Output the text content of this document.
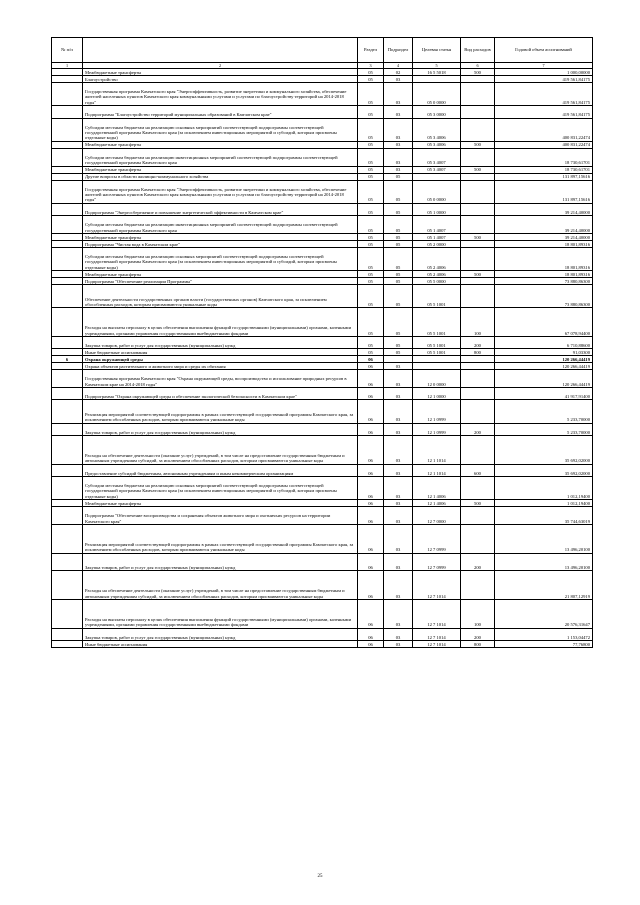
№ п/п		Раздел	Подраздел	Целевая статья	Вид расходов	Годовой объем ассигнований
1	2	3	4	5	6	7
	Межбюджетные трансферты	05	02	16 5 5018	500	1 000,00000
	Благоустройство	05	03			419 561,84175
	Государственная программа Камчатского края "Энергоэффективность, развитие энергетики и коммунального хозяйства, обеспечение жителей населенных пунктов Камчатского края коммунальными услугами и услугами по благоустройству территорий на 2014-2018 годы"	05	03	05 0 0000		419 561,84175
	Подпрограмма "Благоустройство территорий муниципальных образований в Камчатском крае"	05	03	05 3 0000		419 561,84175
	Субсидии местным бюджетам на реализацию основных мероприятий соответствующей подпрограммы соответствующей государственной программы Камчатского края (за исключением инвестиционных мероприятий и субсидий, которым присвоены отдельные коды)	05	03	05 3 4006		400 831,22474
	Межбюджетные трансферты	05	03	05 3 4006	500	400 831,22474
	Субсидии местным бюджетам на реализацию инвестиционных мероприятий соответствующей подпрограммы соответствующей государственной программы Камчатского края	05	03	05 3 4007		18 730,61701
	Межбюджетные трансферты	05	03	05 3 4007	500	18 730,61701
	Другие вопросы в области жилищно-коммунального хозяйства	05	05			131 897,15616
	Государственная программа Камчатского края "Энергоэффективность, развитие энергетики и коммунального хозяйства, обеспечение жителей населенных пунктов Камчатского края коммунальными услугами и услугами по благоустройству территорий на 2014-2018 годы"	05	05	05 0 0000		131 897,15616
	Подпрограмма "Энергосбережение и повышение энергетической эффективности в Камчатском крае"	05	05	05 1 0000		39 214,40000
	Субсидии местным бюджетам на реализацию инвестиционных мероприятий соответствующей подпрограммы соответствующей государственной программы Камчатского края	05	05	05 1 4007		39 214,40000
	Межбюджетные трансферты	05	05	05 1 4007	500	39 214,40000
	Подпрограмма "Чистая вода в Камчатском крае"	05	05	05 2 0000		18 801,89316
	Субсидии местным бюджетам на реализацию основных мероприятий соответствующей подпрограммы соответствующей государственной программы Камчатского края (за исключением инвестиционных мероприятий и субсидий, которым присвоены отдельные коды)	05	05	05 2 4006		18 801,89316
	Межбюджетные трансферты	05	05	05 2 4006	500	18 801,89316
	Подпрограмма "Обеспечение реализации Программы"	05	05	05 5 0000		73 880,86300
	Обеспечение деятельности государственных органов власти (государственных органов) Камчатского края, за исключением обособленных расходов, которым присваиваются уникальные коды	05	05	05 5 1001		73 880,86300
	Расходы на выплаты персоналу в целях обеспечения выполнения функций государственными (муниципальными) органами, казенными учреждениями, органами управления государственными внебюджетными фондами	05	05	05 5 1001	100	67 078,94400
	Закупка товаров, работ и услуг для государственных (муниципальных) нужд	05	05	05 5 1001	200	6 710,88600
	Иные бюджетные ассигнования	05	05	05 5 1001	800	91,03300
6	Охрана окружающей среды	06				120 266,44419
	Охрана объектов растительного и животного мира и среды их обитания	06	03			120 266,44419
	Государственная программа Камчатского края "Охрана окружающей среды, воспроизводство и использование природных ресурсов в Камчатском крае на 2014-2018 годы"	06	03	12 0 0000		120 266,44419
	Подпрограмма "Охрана окружающей среды и обеспечение экологической безопасности в Камчатском крае"	06	03	12 1 0000		41 917,91400
	Реализация мероприятий соответствующей подпрограммы в рамках соответствующей государственной программы Камчатского края, за исключением обособленных расходов, которым присваиваются уникальные коды	06	03	12 1 0999		5 233,70000
	Закупка товаров, работ и услуг для государственных (муниципальных) нужд	06	03	12 1 0999	200	5 233,70000
	Расходы на обеспечение деятельности (оказание услуг) учреждений, в том числе на предоставление государственным бюджетным и автономным учреждениям субсидий, за исключением обособленных расходов, которым присваиваются уникальные коды	06	03	12 1 1014		35 692,02000
	Предоставление субсидий бюджетным, автономным учреждениям и иным некоммерческим организациям	06	03	12 1 1014	600	35 692,02000
	Субсидии местным бюджетам на реализацию основных мероприятий соответствующей подпрограммы соответствующей государственной программы Камчатского края (за исключением инвестиционных мероприятий и субсидий, которым присвоены отдельные коды)	06	03	12 1 4006		1 012,19400
	Межбюджетные трансферты	06	03	12 1 4006	500	1 012,19400
	Подпрограмма "Обеспечение воспроизводства и сохранения объектов животного мира и охотничьих ресурсов на территории Камчатского края"	06	03	12 7 0000		35 744,63019
	Реализация мероприятий соответствующей подпрограммы в рамках соответствующей государственной программы Камчатского края, за исключением обособленных расходов, которым присваиваются уникальные коды	06	03	12 7 0999		13 496,20100
	Закупка товаров, работ и услуг для государственных (муниципальных) нужд	06	03	12 7 0999	200	13 496,20100
	Расходы на обеспечение деятельности (оказание услуг) учреждений, в том числе на предоставление государственным бюджетным и автономным учреждениям субсидий, за исключением обособленных расходов, которым присваиваются уникальные коды	06	03	12 7 1014		21 807,12919
	Расходы на выплаты персоналу в целях обеспечения выполнения функций государственными (муниципальными) органами, казенными учреждениями, органами управления государственными внебюджетными фондами	06	03	12 7 1014	100	20 576,31647
	Закупка товаров, работ и услуг для государственных (муниципальных) нужд	06	03	12 7 1014	200	1 153,04472
	Иные бюджетные ассигнования	06	03	12 7 1014	800	77,76800
25
